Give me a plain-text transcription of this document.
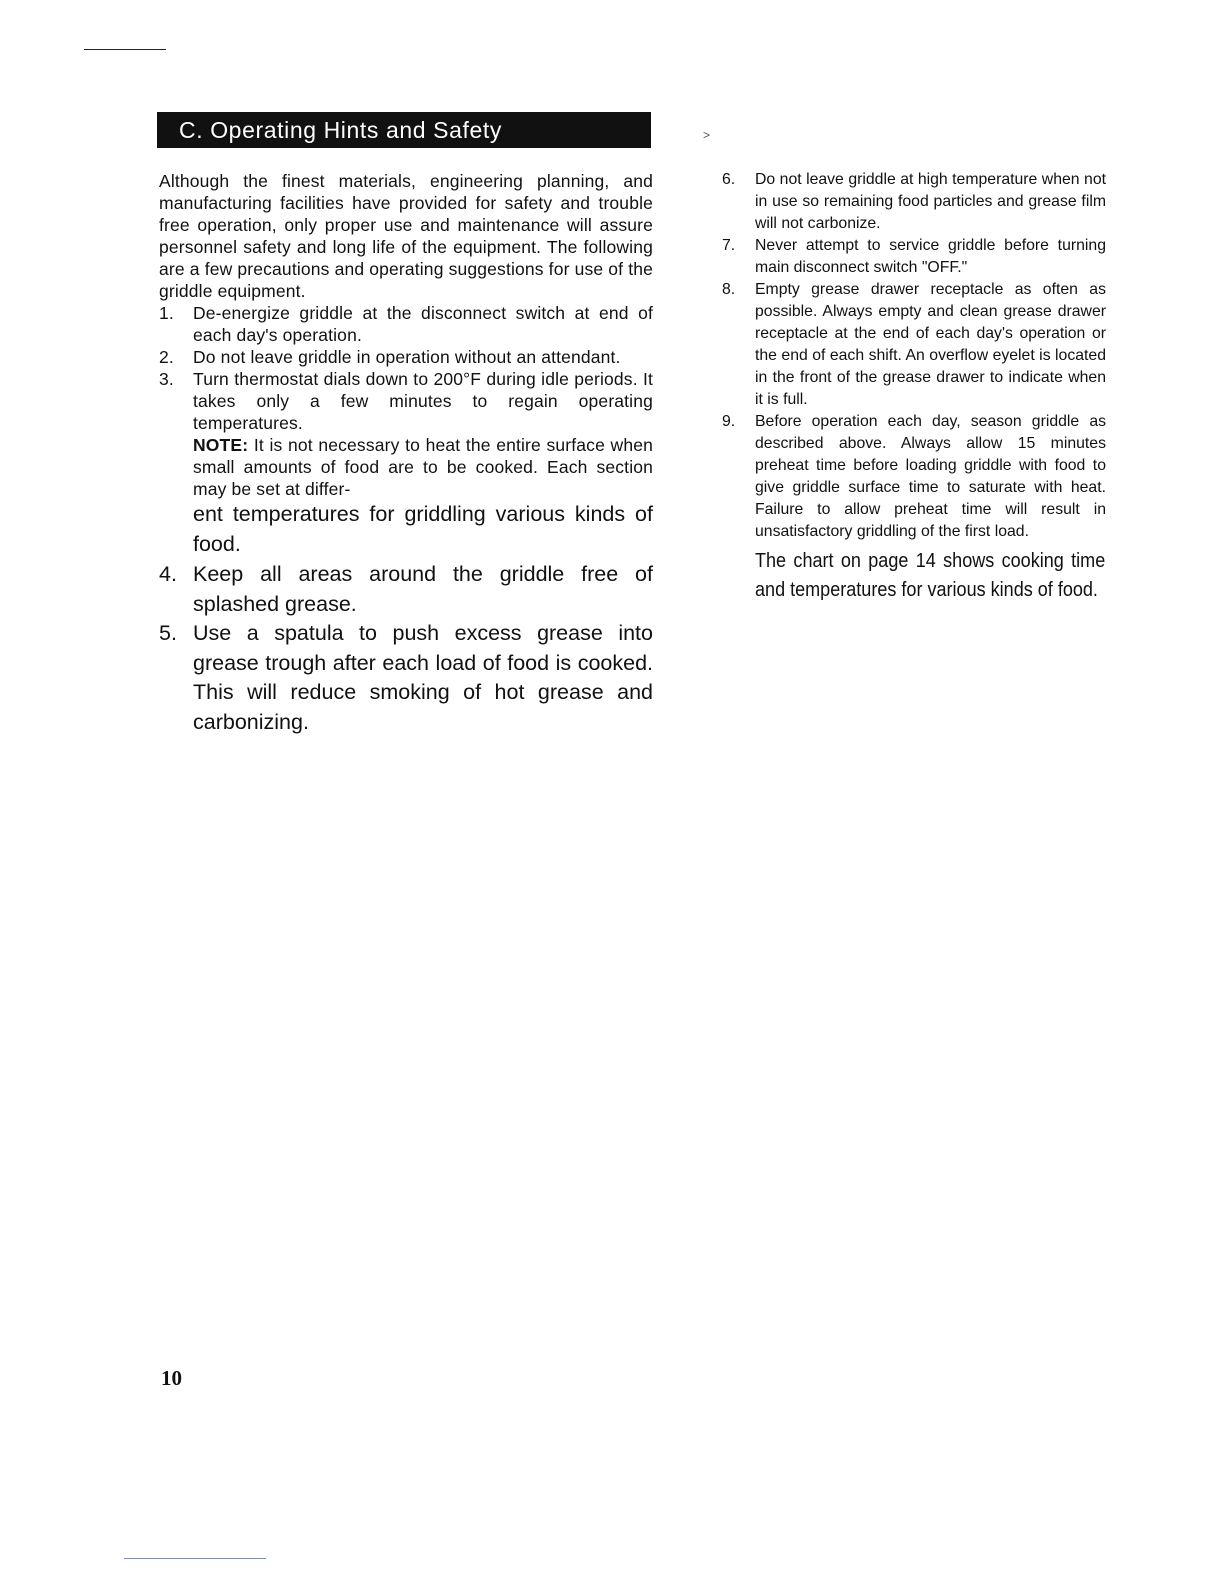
C. Operating Hints and Safety	>

Although the finest materials, engineering planning, and manufacturing facilities have provided for safety and trouble free operation, only proper use and maintenance will assure personnel safety and long life of the equipment. The following are a few precautions and operating suggestions for use of the griddle equipment.

1.	De-energize griddle at the disconnect switch at end of each day's operation.

2.	Do not leave griddle in operation without an attendant.

3.	Turn thermostat dials down to 200°F during idle periods. It takes only a few minutes to regain operating temperatures.

NOTE: It is not necessary to heat the entire surface when small amounts of food are to be cooked. Each section may be set at differ-
ent temperatures for griddling various kinds of food.

4. Keep all areas around the griddle free of splashed grease.

5. Use a spatula to push excess grease into grease trough after each load of food is cooked. This will reduce smoking of hot grease and carbonizing.

6.	Do not leave griddle at high temperature when not in use so remaining food particles and grease film will not carbonize.

7.	Never attempt to service griddle before turning main disconnect switch "OFF."

8.	Empty grease drawer receptacle as often as possible. Always empty and clean grease drawer receptacle at the end of each day's operation or the end of each shift. An overflow eyelet is located in the front of the grease drawer to indicate when it is full.

9.	Before operation each day, season griddle as described above. Always allow 15 minutes preheat time before loading griddle with food to give griddle surface time to saturate with heat. Failure to allow preheat time will result in unsatisfactory griddling of the first load.

The chart on page 14 shows cooking time and temperatures for various kinds of food.

10
